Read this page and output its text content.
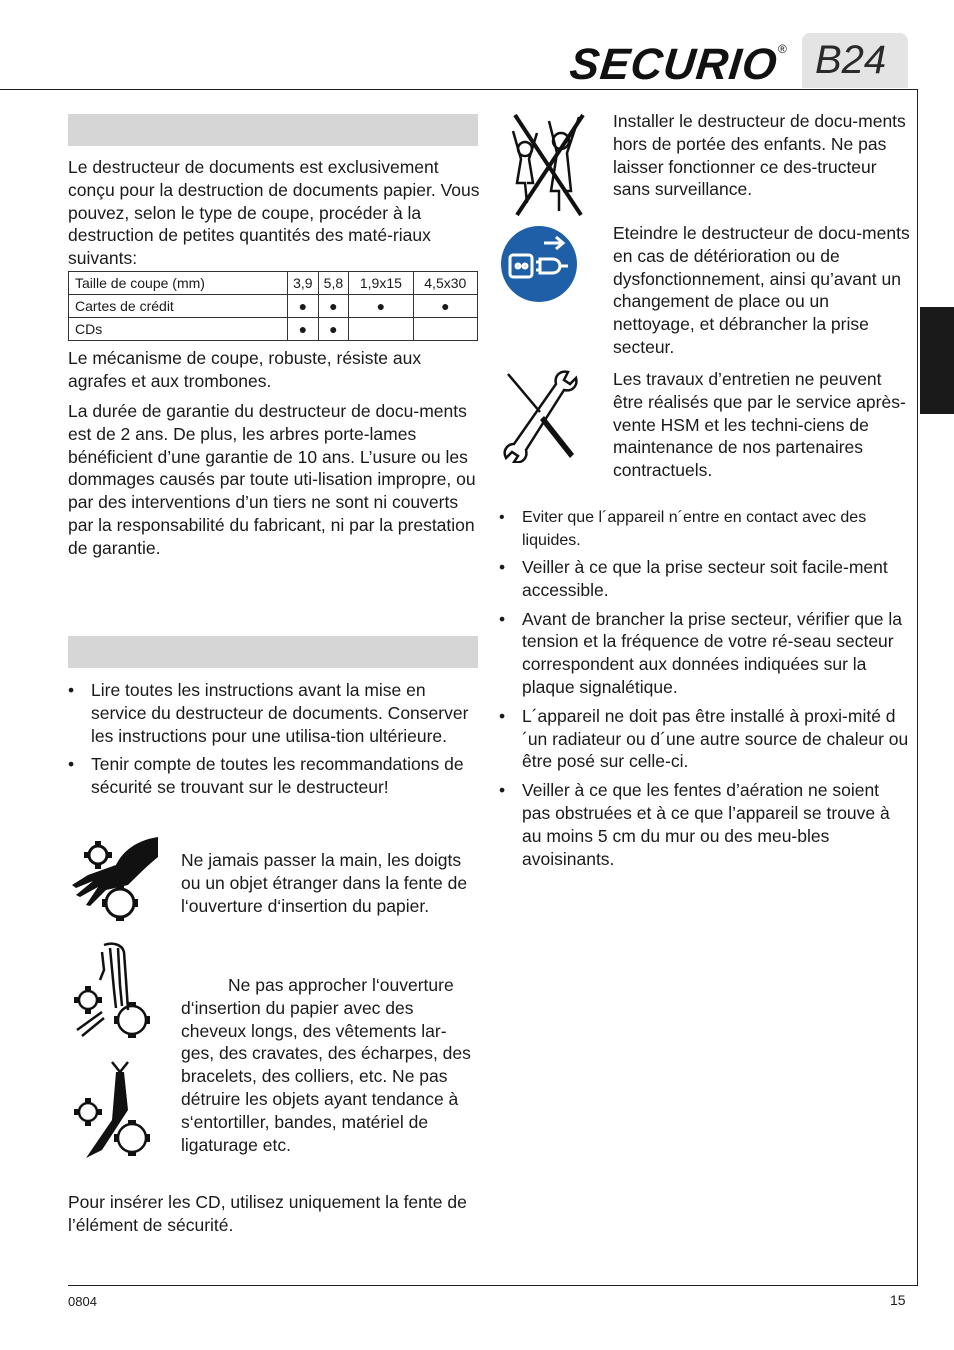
SECURIO
® B24
Le destructeur de documents est exclusivement conçu pour la destruction de documents papier. Vous pouvez, selon le type de coupe, procéder à la destruction de petites quantités des maté-riaux suivants:
Taille de coupe (mm)	3,9	5,8	1,9x15	4,5x30
Cartes de crédit	●	●	●	●
CDs	●	●		
Le mécanisme de coupe, robuste, résiste aux agrafes et aux trombones.
La durée de garantie du destructeur de docu-ments est de 2 ans. De plus, les arbres porte-lames bénéficient d’une garantie de 10 ans. L’usure ou les dommages causés par toute uti-lisation impropre, ou par des interventions d’un tiers ne sont ni couverts par la responsabilité du fabricant, ni par la prestation de garantie.
• Lire toutes les instructions avant la mise en service du destructeur de documents. Conserver les instructions pour une utilisa-tion ultérieure.
• Tenir compte de toutes les recommandations de sécurité se trouvant sur le destructeur!
Ne jamais passer la main, les doigts ou un objet étranger dans la fente de l‘ouverture d‘insertion du papier.
Ne pas approcher l‘ouverture d‘insertion du papier avec des cheveux longs, des vêtements lar-ges, des cravates, des écharpes, des bracelets, des colliers, etc. Ne pas détruire les objets ayant tendance à s‘entortiller, bandes, matériel de ligaturage etc.
Pour insérer les CD, utilisez uniquement la fente de l’élément de sécurité.
Installer le destructeur de docu-ments hors de portée des enfants. Ne pas laisser fonctionner ce des-tructeur sans surveillance.
Eteindre le destructeur de docu-ments en cas de détérioration ou de dysfonctionnement, ainsi qu’avant un changement de place ou un nettoyage, et débrancher la prise secteur.
Les travaux d’entretien ne peuvent être réalisés que par le service après-vente HSM et les techni-ciens de maintenance de nos partenaires contractuels.
• Eviter que l´appareil n´entre en contact avec des liquides.
• Veiller à ce que la prise secteur soit facile-ment accessible.
• Avant de brancher la prise secteur, vérifier que la tension et la fréquence de votre ré-seau secteur correspondent aux données indiquées sur la plaque signalétique.
• L´appareil ne doit pas être installé à proxi-mité d´un radiateur ou d´une autre source de chaleur ou être posé sur celle-ci.
• Veiller à ce que les fentes d’aération ne soient pas obstruées et à ce que l’appareil se trouve à au moins 5 cm du mur ou des meu-bles avoisinants.
0804	15
